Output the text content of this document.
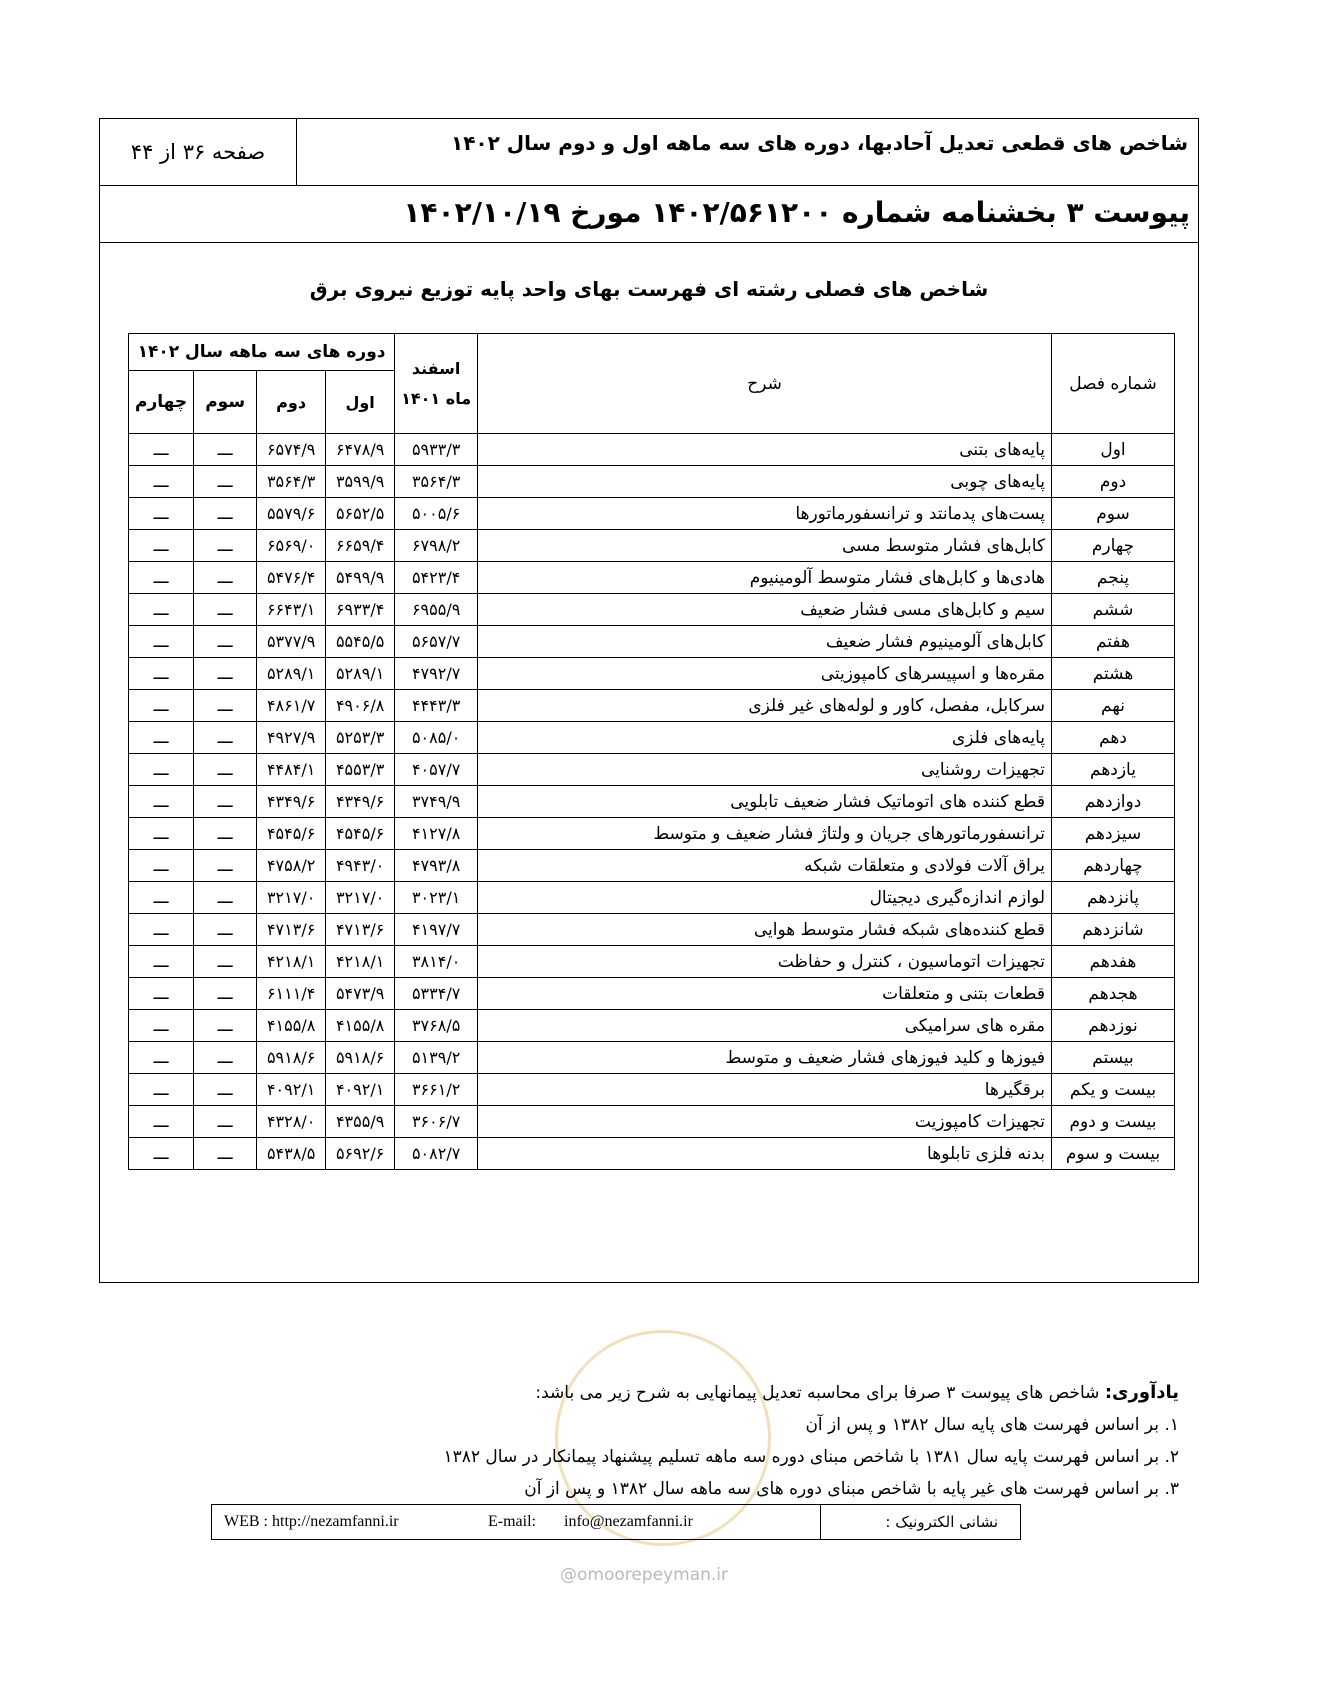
شاخص های قطعی تعدیل آحادبها، دوره های سه ماهه اول و دوم سال ۱۴۰۲
صفحه ۳۶ از ۴۴
پیوست ۳ بخشنامه شماره ۱۴۰۲/۵۶۱۲۰۰ مورخ ۱۴۰۲/۱۰/۱۹
شاخص های فصلی رشته ای فهرست بهای واحد پایه توزیع نیروی برق
شماره فصل	شرح	اسفند ماه ۱۴۰۱	دوره های سه ماهه سال ۱۴۰۲			
			اول	دوم	سوم	چهارم
اول	پایه‌های بتنی	۵۹۳۳/۳	۶۴۷۸/۹	۶۵۷۴/۹	ـــ	ـــ
دوم	پایه‌های چوبی	۳۵۶۴/۳	۳۵۹۹/۹	۳۵۶۴/۳	ـــ	ـــ
سوم	پست‌های پدمانتد و ترانسفورماتورها	۵۰۰۵/۶	۵۶۵۲/۵	۵۵۷۹/۶	ـــ	ـــ
چهارم	کابل‌های فشار متوسط مسی	۶۷۹۸/۲	۶۶۵۹/۴	۶۵۶۹/۰	ـــ	ـــ
پنجم	هادی‌ها و کابل‌های فشار متوسط آلومینیوم	۵۴۲۳/۴	۵۴۹۹/۹	۵۴۷۶/۴	ـــ	ـــ
ششم	سیم و کابل‌های مسی فشار ضعیف	۶۹۵۵/۹	۶۹۳۳/۴	۶۶۴۳/۱	ـــ	ـــ
هفتم	کابل‌های آلومینیوم فشار ضعیف	۵۶۵۷/۷	۵۵۴۵/۵	۵۳۷۷/۹	ـــ	ـــ
هشتم	مقره‌ها و اسپیسرهای کامپوزیتی	۴۷۹۲/۷	۵۲۸۹/۱	۵۲۸۹/۱	ـــ	ـــ
نهم	سرکابل، مفصل، کاور و لوله‌های غیر فلزی	۴۴۴۳/۳	۴۹۰۶/۸	۴۸۶۱/۷	ـــ	ـــ
دهم	پایه‌های فلزی	۵۰۸۵/۰	۵۲۵۳/۳	۴۹۲۷/۹	ـــ	ـــ
یازدهم	تجهیزات روشنایی	۴۰۵۷/۷	۴۵۵۳/۳	۴۴۸۴/۱	ـــ	ـــ
دوازدهم	قطع کننده های اتوماتیک فشار ضعیف تابلویی	۳۷۴۹/۹	۴۳۴۹/۶	۴۳۴۹/۶	ـــ	ـــ
سیزدهم	ترانسفورماتورهای جریان و ولتاژ فشار ضعیف و متوسط	۴۱۲۷/۸	۴۵۴۵/۶	۴۵۴۵/۶	ـــ	ـــ
چهاردهم	یراق آلات فولادی و متعلقات شبکه	۴۷۹۳/۸	۴۹۴۳/۰	۴۷۵۸/۲	ـــ	ـــ
پانزدهم	لوازم اندازه‌گیری دیجیتال	۳۰۲۳/۱	۳۲۱۷/۰	۳۲۱۷/۰	ـــ	ـــ
شانزدهم	قطع کننده‌های شبکه فشار متوسط هوایی	۴۱۹۷/۷	۴۷۱۳/۶	۴۷۱۳/۶	ـــ	ـــ
هفدهم	تجهیزات اتوماسیون ، کنترل و حفاظت	۳۸۱۴/۰	۴۲۱۸/۱	۴۲۱۸/۱	ـــ	ـــ
هجدهم	قطعات بتنی و متعلقات	۵۳۳۴/۷	۵۴۷۳/۹	۶۱۱۱/۴	ـــ	ـــ
نوزدهم	مقره های سرامیکی	۳۷۶۸/۵	۴۱۵۵/۸	۴۱۵۵/۸	ـــ	ـــ
بیستم	فیوزها و کلید فیوزهای فشار ضعیف و متوسط	۵۱۳۹/۲	۵۹۱۸/۶	۵۹۱۸/۶	ـــ	ـــ
بیست و یکم	برقگیرها	۳۶۶۱/۲	۴۰۹۲/۱	۴۰۹۲/۱	ـــ	ـــ
بیست و دوم	تجهیزات کامپوزیت	۳۶۰۶/۷	۴۳۵۵/۹	۴۳۲۸/۰	ـــ	ـــ
بیست و سوم	بدنه فلزی تابلوها	۵۰۸۲/۷	۵۶۹۲/۶	۵۴۳۸/۵	ـــ	ـــ
یادآوری: شاخص های پیوست ۳ صرفا برای محاسبه تعدیل پیمانهایی به شرح زیر می باشد:
۱. بر اساس فهرست های پایه سال ۱۳۸۲ و پس از آن
۲. بر اساس فهرست پایه سال ۱۳۸۱ با شاخص مبنای دوره سه ماهه تسلیم پیشنهاد پیمانکار در سال ۱۳۸۲
۳. بر اساس فهرست های غیر پایه با شاخص مبنای دوره های سه ماهه سال ۱۳۸۲ و پس از آن
نشانی الکترونیک :
WEB : http://nezamfanni.ir	E-mail: info@nezamfanni.ir
@omoorepeyman.ir
